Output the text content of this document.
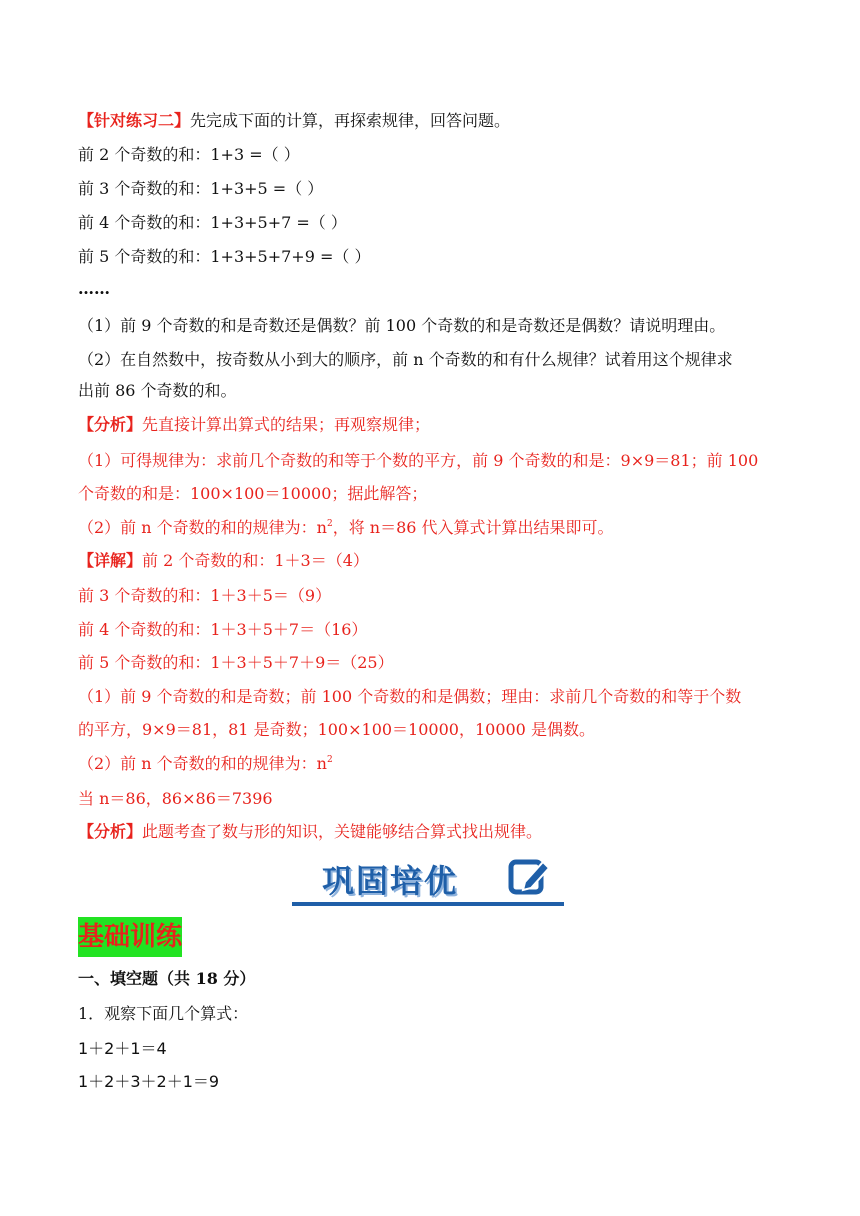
【针对练习二】先完成下面的计算，再探索规律，回答问题。
前 2 个奇数的和：1+3 =（ ）
前 3 个奇数的和：1+3+5 =（ ）
前 4 个奇数的和：1+3+5+7 =（ ）
前 5 个奇数的和：1+3+5+7+9 =（ ）
……
（1）前 9 个奇数的和是奇数还是偶数？前 100 个奇数的和是奇数还是偶数？请说明理由。
（2）在自然数中，按奇数从小到大的顺序，前 n 个奇数的和有什么规律？试着用这个规律求
出前 86 个奇数的和。
【分析】先直接计算出算式的结果；再观察规律；
（1）可得规律为：求前几个奇数的和等于个数的平方，前 9 个奇数的和是：9×9＝81；前 100
个奇数的和是：100×100＝10000；据此解答；
（2）前 n 个奇数的和的规律为：$n^2$，将 n＝86 代入算式计算出结果即可。
【详解】前 2 个奇数的和：1＋3＝（4）
前 3 个奇数的和：1＋3＋5＝（9）
前 4 个奇数的和：1＋3＋5＋7＝（16）
前 5 个奇数的和：1＋3＋5＋7＋9＝（25）
（1）前 9 个奇数的和是奇数；前 100 个奇数的和是偶数；理由：求前几个奇数的和等于个数
的平方，9×9＝81，81 是奇数；100×100＝10000，10000 是偶数。
（2）前 n 个奇数的和的规律为：$n^2$
当 n＝86，86×86＝7396
【分析】此题考查了数与形的知识，关键能够结合算式找出规律。
巩固培优
基础训练
一、填空题（共 18 分）
1．观察下面几个算式：
1＋2＋1＝4
1＋2＋3＋2＋1＝9
